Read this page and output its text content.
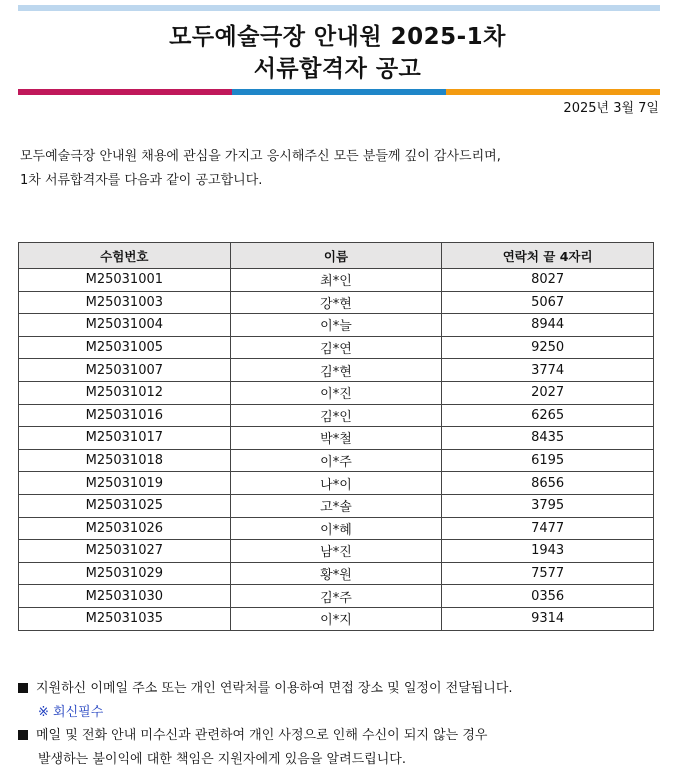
모두예술극장 안내원 2025-1차
서류합격자 공고
2025년 3월 7일
모두예술극장 안내원 채용에 관심을 가지고 응시해주신 모든 분들께 깊이 감사드리며,
1차 서류합격자를 다음과 같이 공고합니다.
수험번호	이름	연락처 끝 4자리
M25031001	최*인	8027
M25031003	강*현	5067
M25031004	이*늘	8944
M25031005	김*연	9250
M25031007	김*현	3774
M25031012	이*진	2027
M25031016	김*인	6265
M25031017	박*철	8435
M25031018	이*주	6195
M25031019	나*이	8656
M25031025	고*솔	3795
M25031026	이*혜	7477
M25031027	남*진	1943
M25031029	황*원	7577
M25031030	김*주	0356
M25031035	이*지	9314
지원하신 이메일 주소 또는 개인 연락처를 이용하여 면접 장소 및 일정이 전달됩니다.
※ 회신필수
메일 및 전화 안내 미수신과 관련하여 개인 사정으로 인해 수신이 되지 않는 경우
발생하는 불이익에 대한 책임은 지원자에게 있음을 알려드립니다.
